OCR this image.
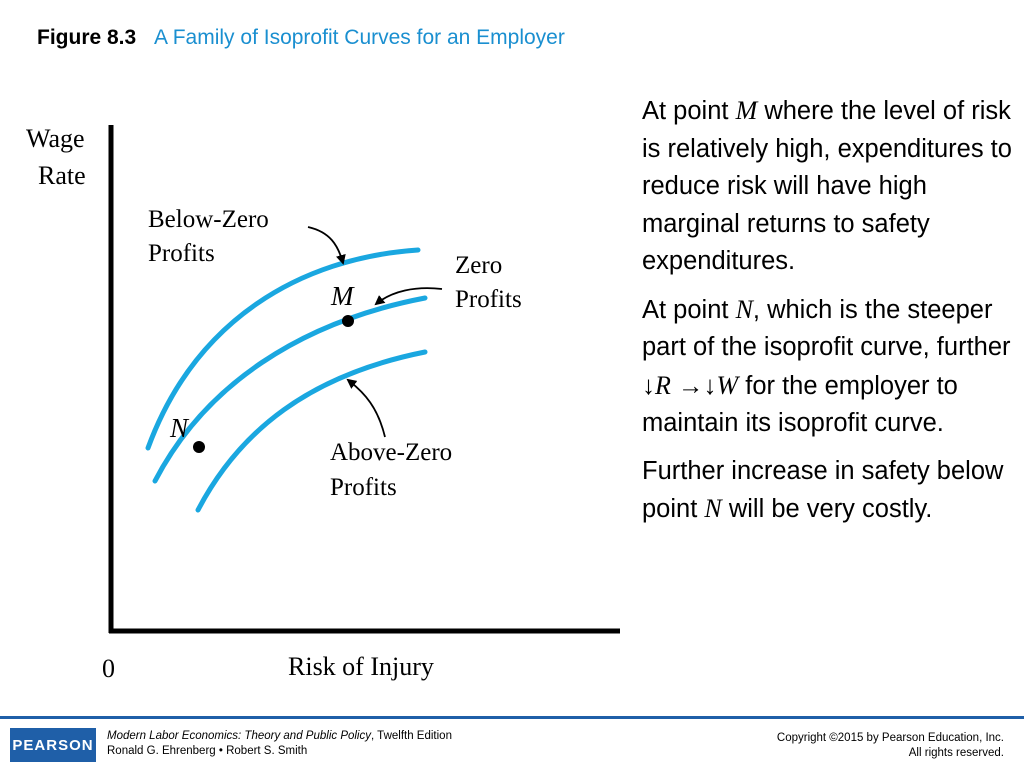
Figure 8.3 A Family of Isoprofit Curves for an Employer
Wage
Rate
0	Risk of Injury
M
N
Below-Zero
Profits	Zero
Profits
Above-Zero
Profits

At point M where the level of risk is relatively high, expenditures to reduce risk will have high marginal returns to safety expenditures.

At point N, which is the steeper part of the isoprofit curve, further ↓R →↓W for the employer to maintain its isoprofit curve.

Further increase in safety below point N will be very costly.

PEARSON
Modern Labor Economics: Theory and Public Policy, Twelfth Edition
Ronald G. Ehrenberg • Robert S. Smith
Copyright ©2015 by Pearson Education, Inc.
All rights reserved.
